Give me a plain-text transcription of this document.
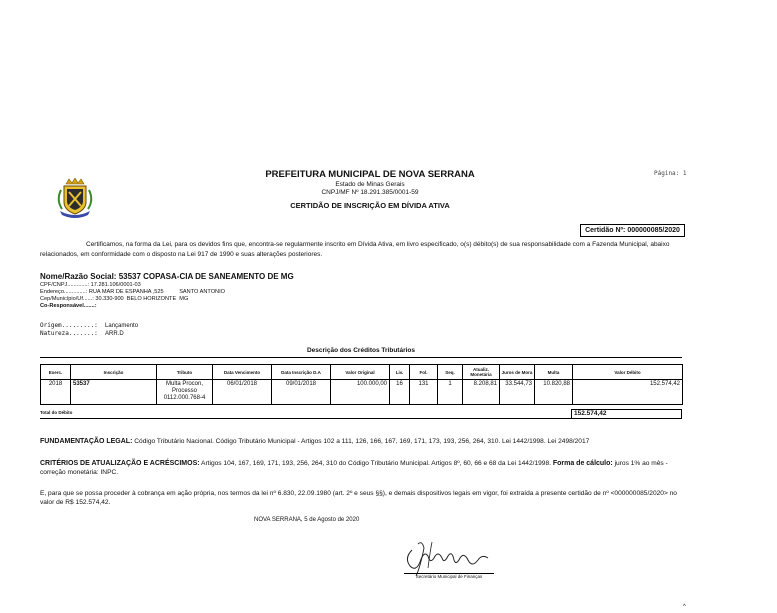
Página: 1
PREFEITURA MUNICIPAL DE NOVA SERRANA
Estado de Minas Gerais
CNPJ/MF Nº 18.291.385/0001-59
CERTIDÃO DE INSCRIÇÃO EM DÍVIDA ATIVA
Certidão Nº: 000000085/2020
Certificamos, na forma da Lei, para os devidos fins que, encontra-se regularmente inscrito em Dívida Ativa, em livro especificado, o(s) débito(s) de sua responsabilidade com a Fazenda Municipal, abaixo relacionados, em conformidade com o disposto na Lei 917 de 1990 e suas alterações posteriores.
Nome/Razão Social: 53537 COPASA-CIA DE SANEAMENTO DE MG
CPF/CNPJ.............: 17.281.106/0001-03
Endereço..............: RUA MAR DE ESPANHA ,525	SANTO ANTONIO
Cep/Município/Uf......: 30.330-900  BELO HORIZONTE  MG
Co-Responsável.......:
Origem.........: Lançamento
Natureza.......: ARR.D
Descrição dos Créditos Tributários
Exerc.	Inscrição	Tributo	Data Vencimento	Data Inscrição D.A	Valor Original	Liv.	Fol.	Seq.	Atualiz. Monetária	Juros de Mora	Multa	Valor Débito
2018	53537	Multa Procon, Processo 0112.000.768-4	06/01/2018	09/01/2018	100.000,00	16	131	1	8.208,81	33.544,73	10.820,88	152.574,42
Total do Débito	152.574,42
FUNDAMENTAÇÃO LEGAL: Código Tributário Nacional. Código Tributário Municipal - Artigos 102 a 111, 126, 166, 167, 169, 171, 173, 193, 256, 264, 310. Lei 1442/1998. Lei 2498/2017
CRITÉRIOS DE ATUALIZAÇÃO E ACRÉSCIMOS: Artigos 104, 167, 169, 171, 193, 256, 264, 310 do Código Tributário Municipal. Artigos 8º, 60, 66 e 68 da Lei 1442/1998. Forma de cálculo: juros 1% ao mês - correção monetária: INPC.
E, para que se possa proceder à cobrança em ação própria, nos termos da lei nº 6.830, 22.09.1980 (art. 2º e seus §§), e demais dispositivos legais em vigor, foi extraída a presente certidão de nº <000000085/2020> no valor de R$ 152.574,42.
NOVA SERRANA, 5 de Agosto de 2020
Secretário Municipal de Finanças
^
